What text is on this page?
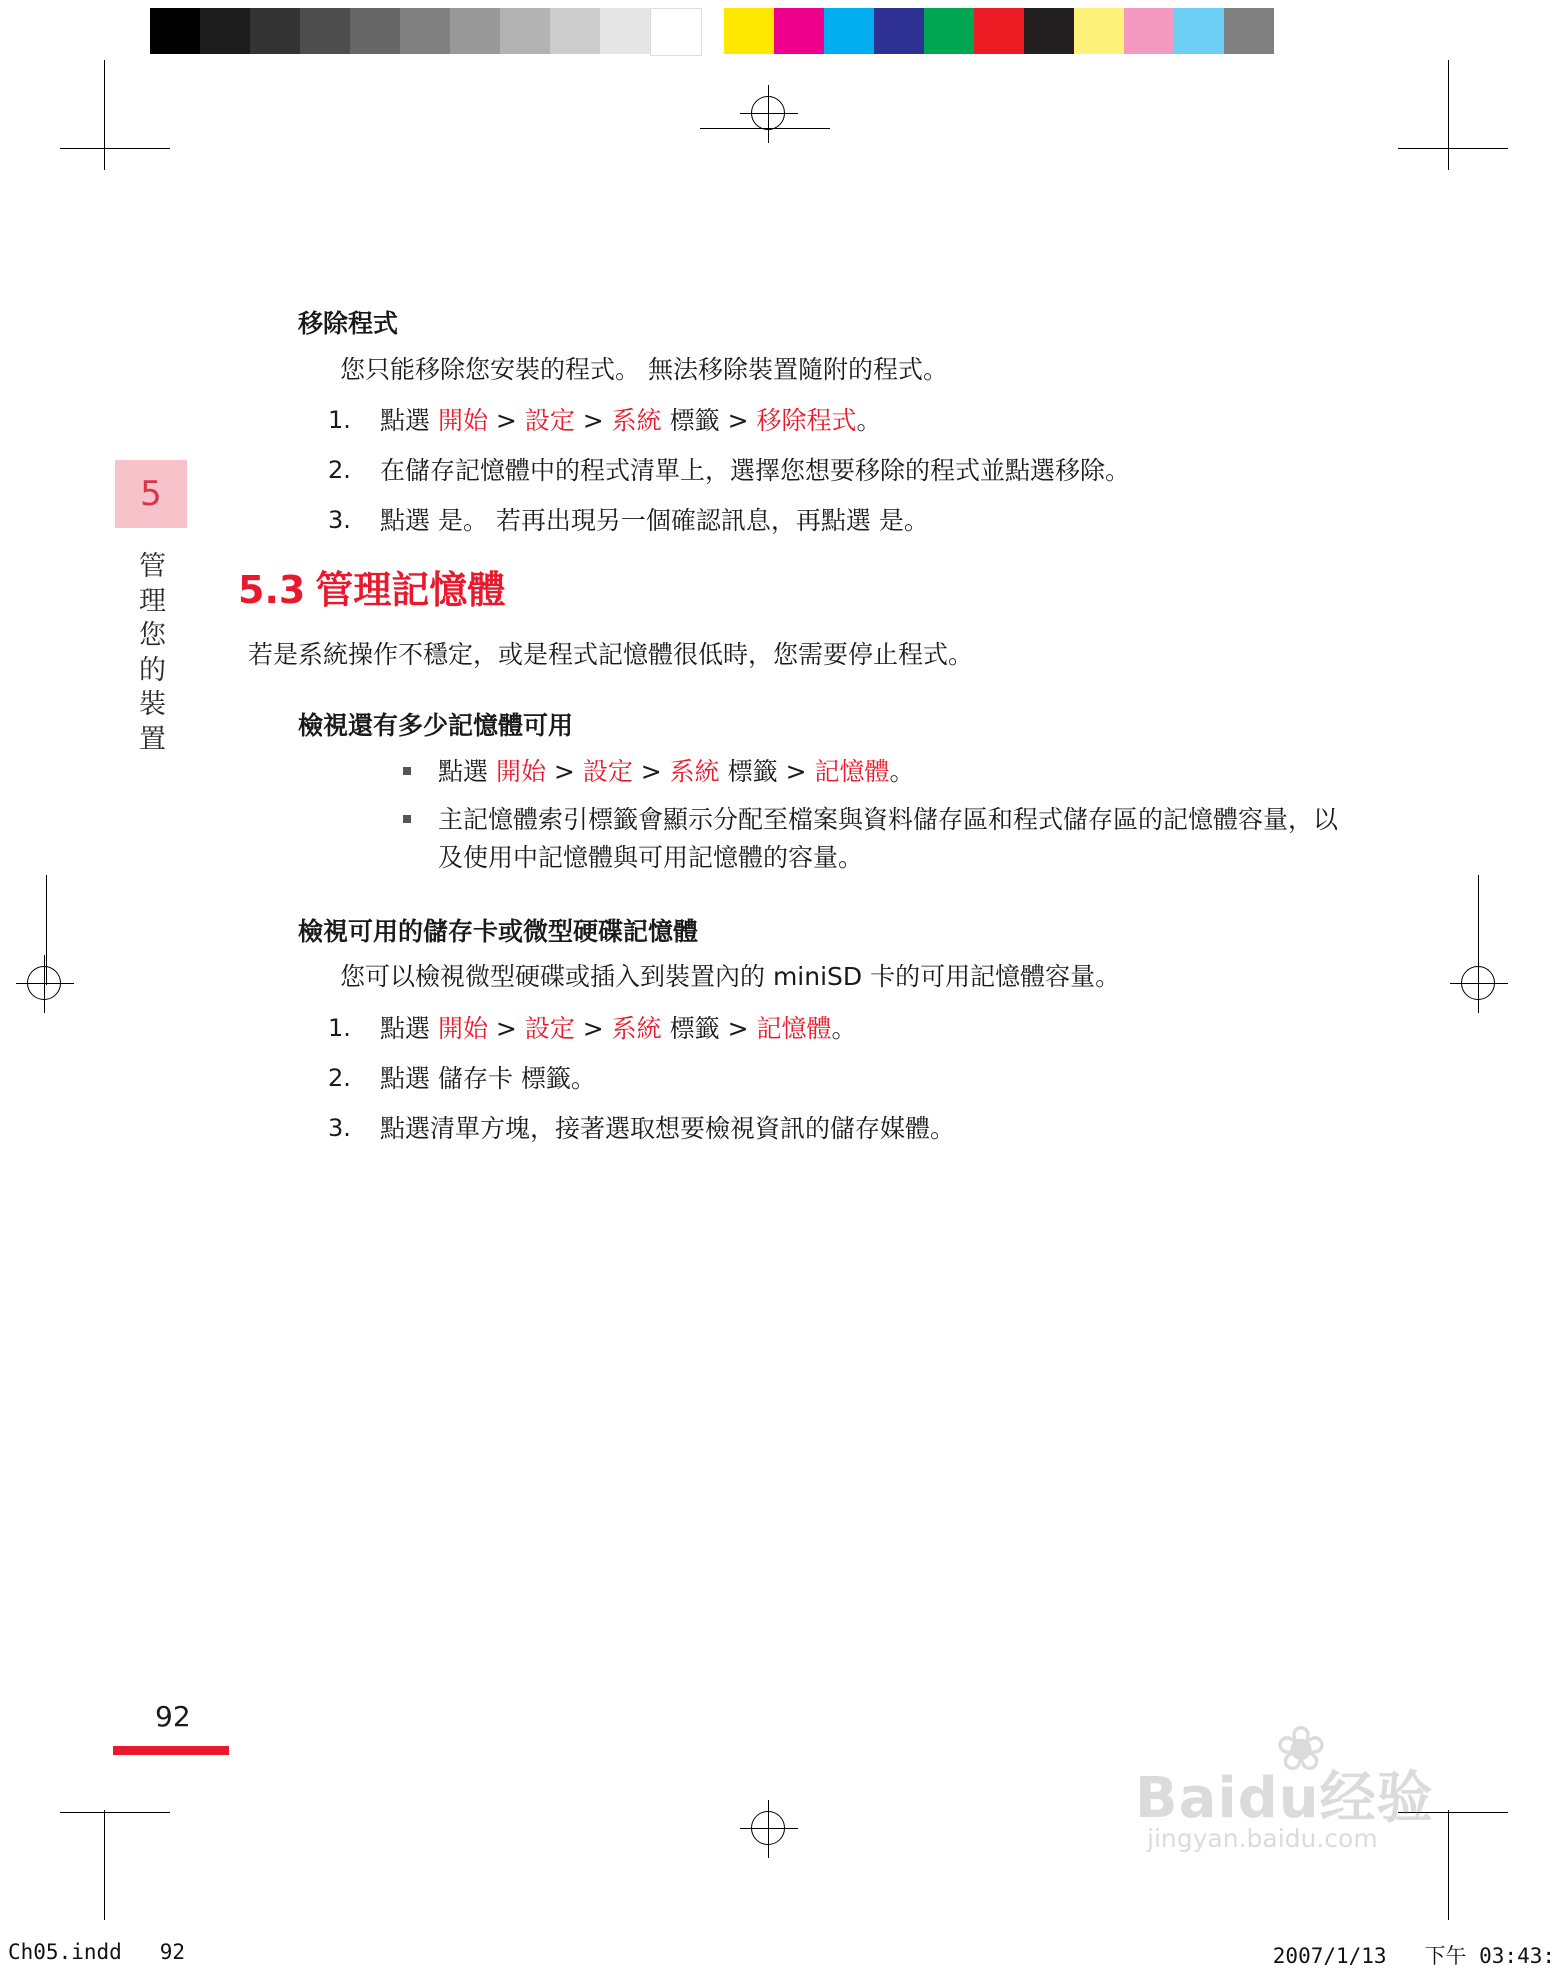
5
管理您的裝置
移除程式

您只能移除您安裝的程式。 無法移除裝置隨附的程式。

1.	點選 開始 > 設定 > 系統 標籤 > 移除程式。
2.	在儲存記憶體中的程式清單上，選擇您想要移除的程式並點選移除。
3.	點選 是。 若再出現另一個確認訊息，再點選 是。
5.3 管理記憶體

若是系統操作不穩定，或是程式記憶體很低時，您需要停止程式。

檢視還有多少記憶體可用
點選 開始 > 設定 > 系統 標籤 > 記憶體。
主記憶體索引標籤會顯示分配至檔案與資料儲存區和程式儲存區的記憶體容量，以及使用中記憶體與可用記憶體的容量。
檢視可用的儲存卡或微型硬碟記憶體

您可以檢視微型硬碟或插入到裝置內的 miniSD 卡的可用記憶體容量。

1.	點選 開始 > 設定 > 系統 標籤 > 記憶體。
2.	點選 儲存卡 標籤。
3.	點選清單方塊，接著選取想要檢視資訊的儲存媒體。
92
Ch05.indd   92	2007/1/13   下午 03:43:
❀
Baidu经验
jingyan.baidu.com
